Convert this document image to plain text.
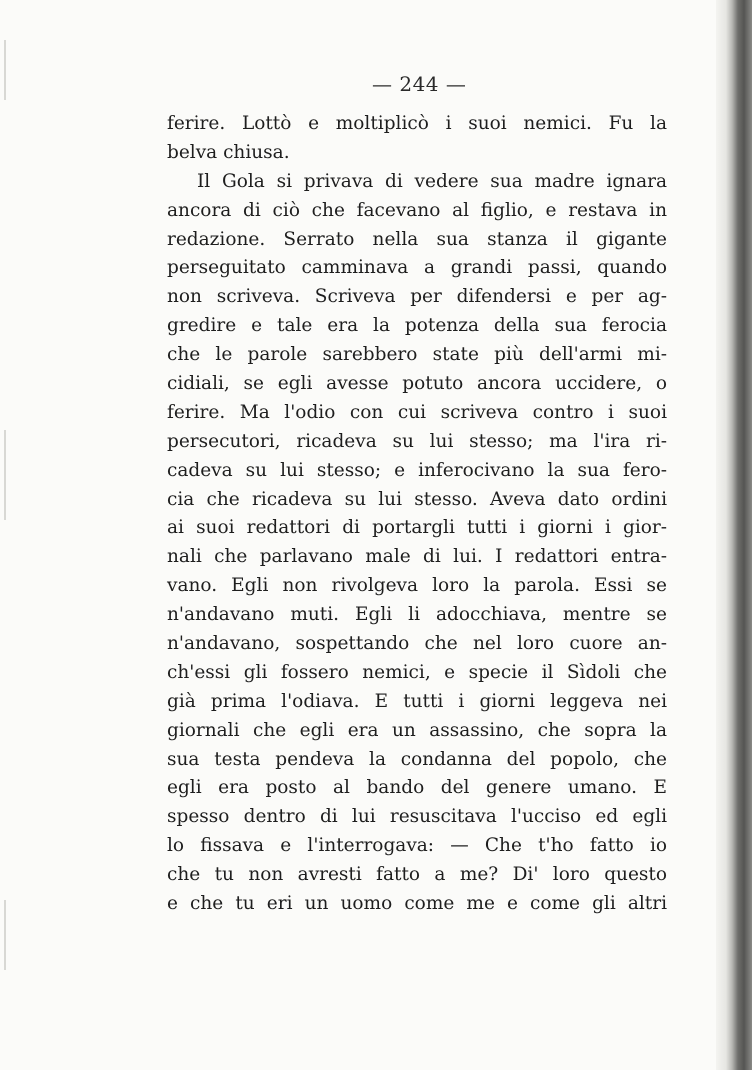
— 244 —
ferire. Lottò e moltiplicò i suoi nemici. Fu la
belva chiusa.
Il Gola si privava di vedere sua madre ignara
ancora di ciò che facevano al figlio, e restava in
redazione. Serrato nella sua stanza il gigante
perseguitato camminava a grandi passi, quando
non scriveva. Scriveva per difendersi e per ag-
gredire e tale era la potenza della sua ferocia
che le parole sarebbero state più dell'armi mi-
cidiali, se egli avesse potuto ancora uccidere, o
ferire. Ma l'odio con cui scriveva contro i suoi
persecutori, ricadeva su lui stesso; ma l'ira ri-
cadeva su lui stesso; e inferocivano la sua fero-
cia che ricadeva su lui stesso. Aveva dato ordini
ai suoi redattori di portargli tutti i giorni i gior-
nali che parlavano male di lui. I redattori entra-
vano. Egli non rivolgeva loro la parola. Essi se
n'andavano muti. Egli li adocchiava, mentre se
n'andavano, sospettando che nel loro cuore an-
ch'essi gli fossero nemici, e specie il Sìdoli che
già prima l'odiava. E tutti i giorni leggeva nei
giornali che egli era un assassino, che sopra la
sua testa pendeva la condanna del popolo, che
egli era posto al bando del genere umano. E
spesso dentro di lui resuscitava l'ucciso ed egli
lo fissava e l'interrogava: — Che t'ho fatto io
che tu non avresti fatto a me? Di' loro questo
e che tu eri un uomo come me e come gli altri
